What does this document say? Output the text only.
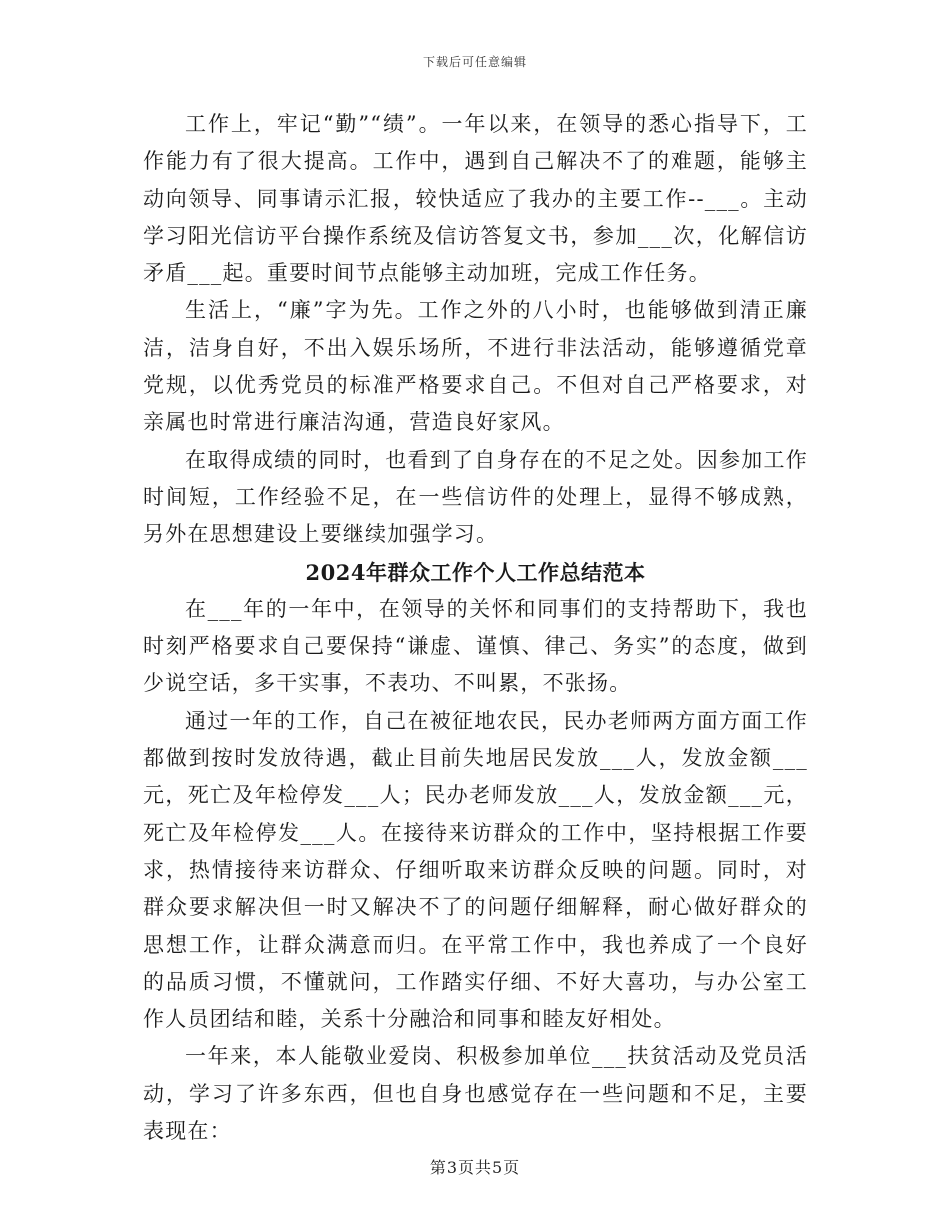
下载后可任意编辑

工作上，牢记“勤”“绩”。一年以来，在领导的悉心指导下，工作能力有了很大提高。工作中，遇到自己解决不了的难题，能够主动向领导、同事请示汇报，较快适应了我办的主要工作--___。主动学习阳光信访平台操作系统及信访答复文书，参加___次，化解信访矛盾___起。重要时间节点能够主动加班，完成工作任务。

生活上，“廉”字为先。工作之外的八小时，也能够做到清正廉洁，洁身自好，不出入娱乐场所，不进行非法活动，能够遵循党章党规，以优秀党员的标准严格要求自己。不但对自己严格要求，对亲属也时常进行廉洁沟通，营造良好家风。

在取得成绩的同时，也看到了自身存在的不足之处。因参加工作时间短，工作经验不足，在一些信访件的处理上，显得不够成熟，另外在思想建设上要继续加强学习。

2024年群众工作个人工作总结范本

在___年的一年中，在领导的关怀和同事们的支持帮助下，我也时刻严格要求自己要保持“谦虚、谨慎、律己、务实”的态度，做到少说空话，多干实事，不表功、不叫累，不张扬。

通过一年的工作，自己在被征地农民，民办老师两方面方面工作都做到按时发放待遇，截止目前失地居民发放___人，发放金额___元，死亡及年检停发___人；民办老师发放___人，发放金额___元，死亡及年检停发___人。在接待来访群众的工作中，坚持根据工作要求，热情接待来访群众、仔细听取来访群众反映的问题。同时，对群众要求解决但一时又解决不了的问题仔细解释，耐心做好群众的思想工作，让群众满意而归。在平常工作中，我也养成了一个良好的品质习惯，不懂就问，工作踏实仔细、不好大喜功，与办公室工作人员团结和睦，关系十分融洽和同事和睦友好相处。

一年来，本人能敬业爱岗、积极参加单位___扶贫活动及党员活动，学习了许多东西，但也自身也感觉存在一些问题和不足，主要表现在：

第3页共5页
